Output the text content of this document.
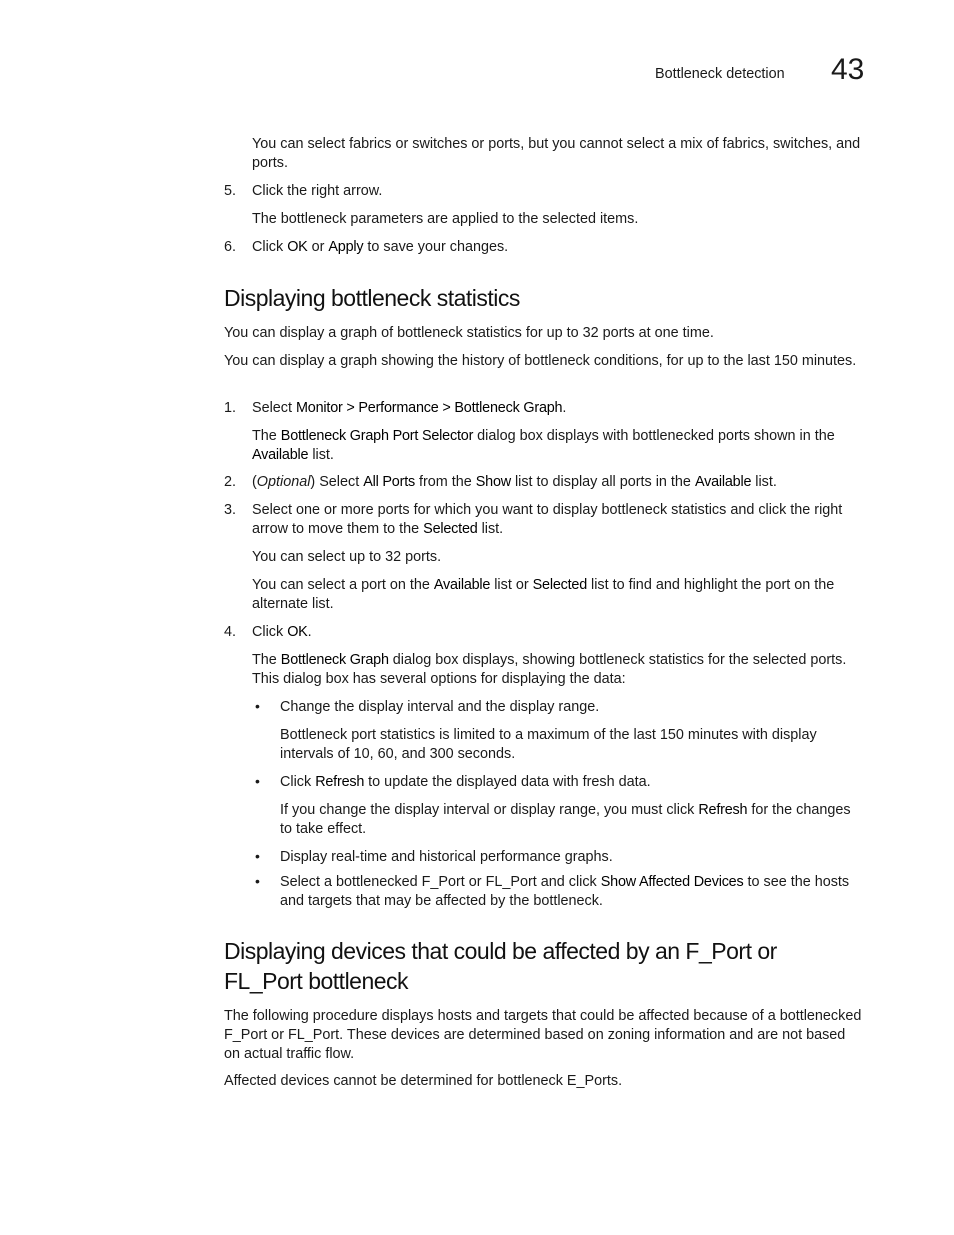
Bottleneck detection 43

You can select fabrics or switches or ports, but you cannot select a mix of fabrics, switches, and ports.

5. Click the right arrow.

The bottleneck parameters are applied to the selected items.

6. Click OK or Apply to save your changes.

Displaying bottleneck statistics

You can display a graph of bottleneck statistics for up to 32 ports at one time.

You can display a graph showing the history of bottleneck conditions, for up to the last 150 minutes.

1. Select Monitor > Performance > Bottleneck Graph.

The Bottleneck Graph Port Selector dialog box displays with bottlenecked ports shown in the Available list.

2. (Optional) Select All Ports from the Show list to display all ports in the Available list.

3. Select one or more ports for which you want to display bottleneck statistics and click the right arrow to move them to the Selected list.

You can select up to 32 ports.

You can select a port on the Available list or Selected list to find and highlight the port on the alternate list.

4. Click OK.

The Bottleneck Graph dialog box displays, showing bottleneck statistics for the selected ports. This dialog box has several options for displaying the data:

• Change the display interval and the display range.

Bottleneck port statistics is limited to a maximum of the last 150 minutes with display intervals of 10, 60, and 300 seconds.

• Click Refresh to update the displayed data with fresh data.

If you change the display interval or display range, you must click Refresh for the changes to take effect.

• Display real-time and historical performance graphs.

• Select a bottlenecked F_Port or FL_Port and click Show Affected Devices to see the hosts and targets that may be affected by the bottleneck.

Displaying devices that could be affected by an F_Port or
FL_Port bottleneck

The following procedure displays hosts and targets that could be affected because of a bottlenecked F_Port or FL_Port. These devices are determined based on zoning information and are not based on actual traffic flow.

Affected devices cannot be determined for bottleneck E_Ports.
